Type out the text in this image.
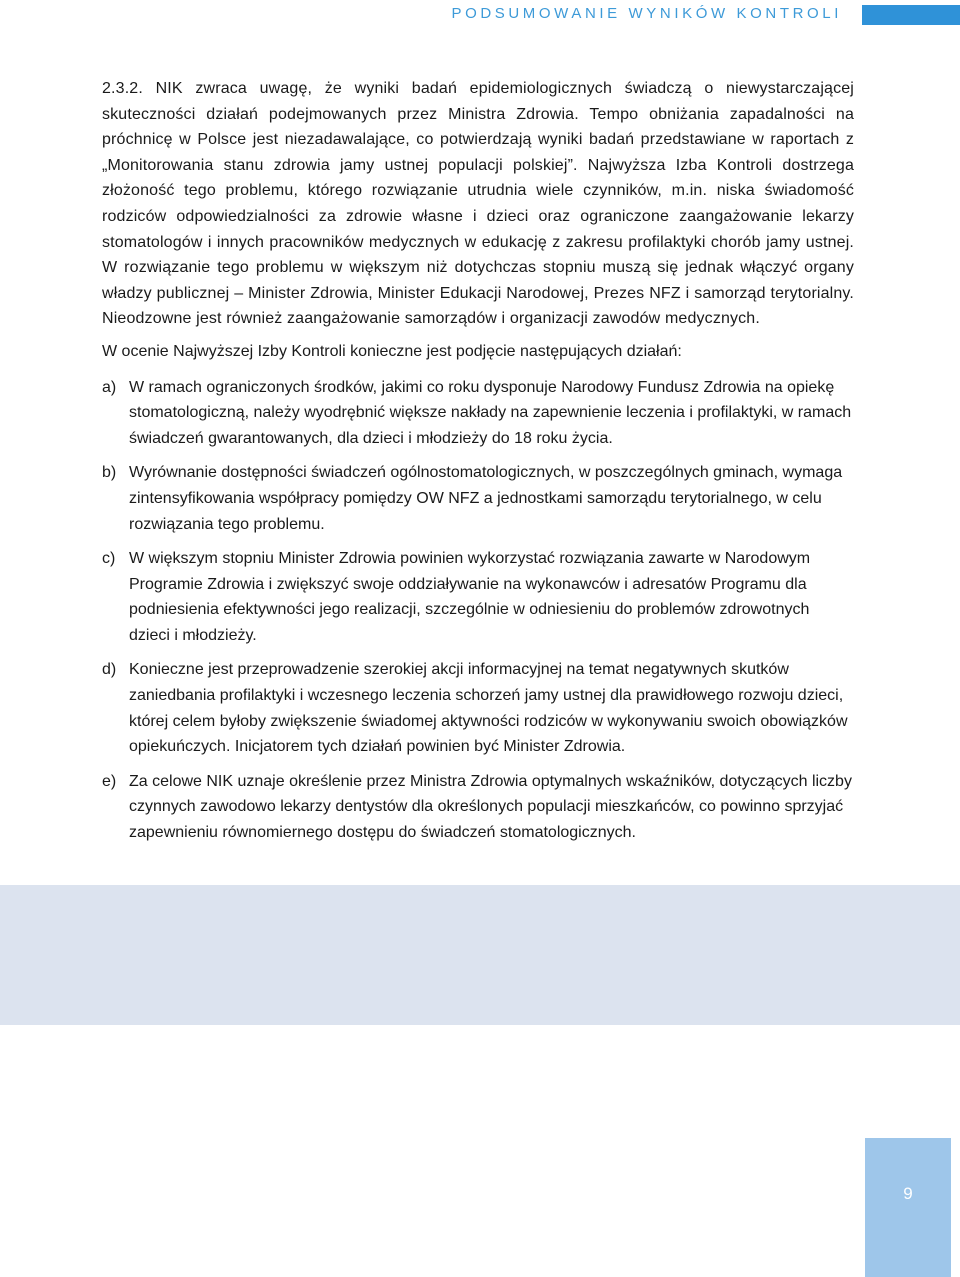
PODSUMOWANIE WYNIKÓW KONTROLI

2.3.2. NIK zwraca uwagę, że wyniki badań epidemiologicznych świadczą o niewystarczającej skuteczności działań podejmowanych przez Ministra Zdrowia. Tempo obniżania zapadalności na próchnicę w Polsce jest niezadawalające, co potwierdzają wyniki badań przedstawiane w raportach z „Monitorowania stanu zdrowia jamy ustnej populacji polskiej”. Najwyższa Izba Kontroli dostrzega złożoność tego problemu, którego rozwiązanie utrudnia wiele czynników, m.in. niska świadomość rodziców odpowiedzialności za zdrowie własne i dzieci oraz ograniczone zaangażowanie lekarzy stomatologów i innych pracowników medycznych w edukację z zakresu profilaktyki chorób jamy ustnej. W rozwiązanie tego problemu w większym niż dotychczas stopniu muszą się jednak włączyć organy władzy publicznej – Minister Zdrowia, Minister Edukacji Narodowej, Prezes NFZ i samorząd terytorialny. Nieodzowne jest również zaangażowanie samorządów i organizacji zawodów medycznych.

W ocenie Najwyższej Izby Kontroli konieczne jest podjęcie następujących działań:

a) W ramach ograniczonych środków, jakimi co roku dysponuje Narodowy Fundusz Zdrowia na opiekę stomatologiczną, należy wyodrębnić większe nakłady na zapewnienie leczenia i profilaktyki, w ramach świadczeń gwarantowanych, dla dzieci i młodzieży do 18 roku życia.
b) Wyrównanie dostępności świadczeń ogólnostomatologicznych, w poszczególnych gminach, wymaga zintensyfikowania współpracy pomiędzy OW NFZ a jednostkami samorządu terytorialnego, w celu rozwiązania tego problemu.
c) W większym stopniu Minister Zdrowia powinien wykorzystać rozwiązania zawarte w Narodowym Programie Zdrowia i zwiększyć swoje oddziaływanie na wykonawców i adresatów Programu dla podniesienia efektywności jego realizacji, szczególnie w odniesieniu do problemów zdrowotnych dzieci i młodzieży.
d) Konieczne jest przeprowadzenie szerokiej akcji informacyjnej na temat negatywnych skutków zaniedbania profilaktyki i wczesnego leczenia schorzeń jamy ustnej dla prawidłowego rozwoju dzieci, której celem byłoby zwiększenie świadomej aktywności rodziców w wykonywaniu swoich obowiązków opiekuńczych. Inicjatorem tych działań powinien być Minister Zdrowia.
e) Za celowe NIK uznaje określenie przez Ministra Zdrowia optymalnych wskaźników, dotyczących liczby czynnych zawodowo lekarzy dentystów dla określonych populacji mieszkańców, co powinno sprzyjać zapewnieniu równomiernego dostępu do świadczeń stomatologicznych.
9
